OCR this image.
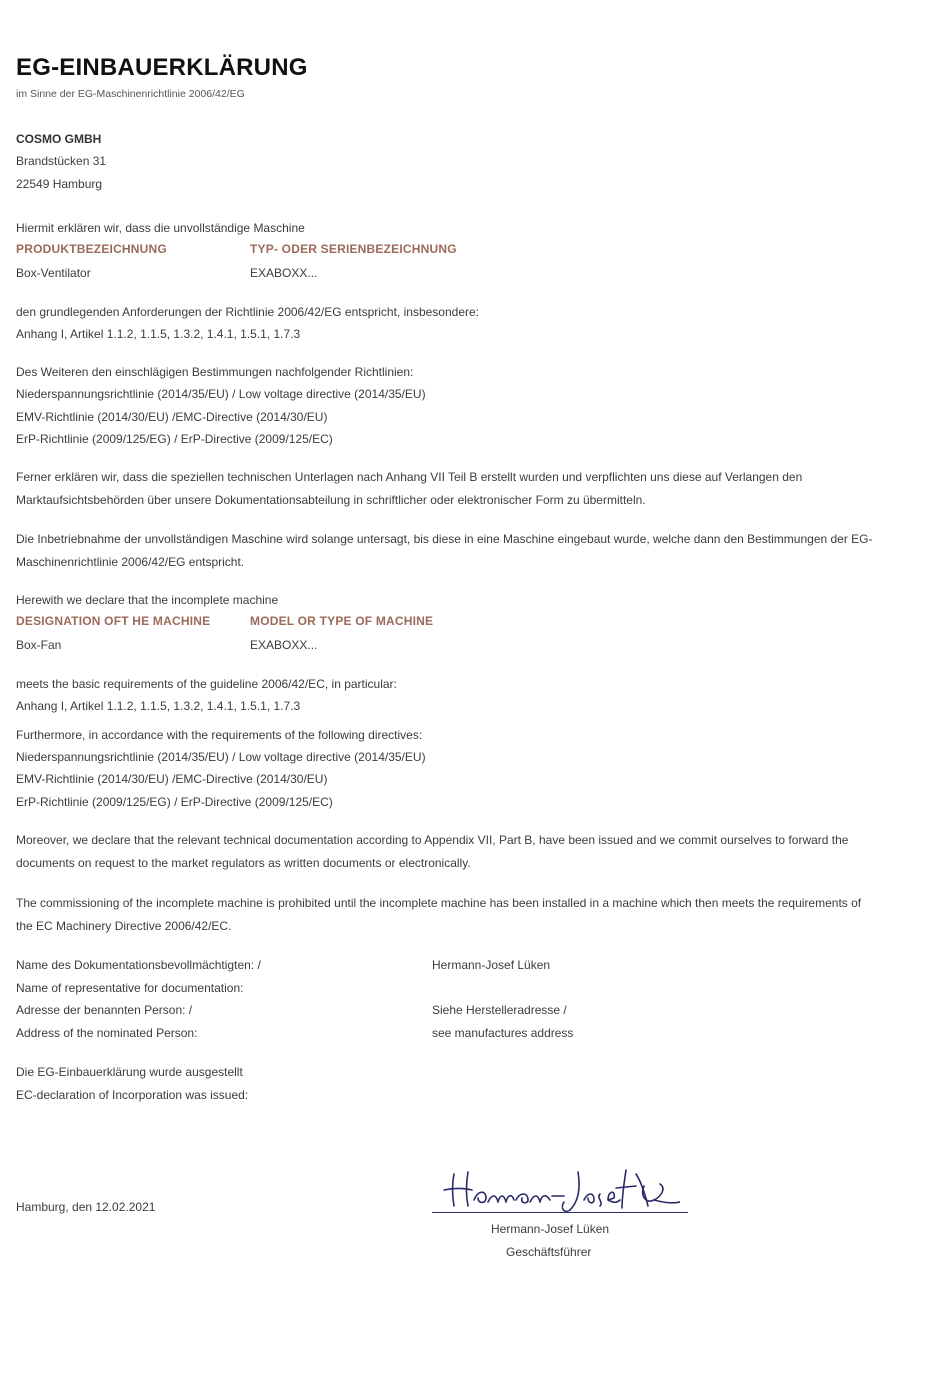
EG-EINBAUERKLÄRUNG
im Sinne der EG-Maschinenrichtlinie 2006/42/EG
COSMO GMBH
Brandstücken 31
22549 Hamburg
Hiermit erklären wir, dass die unvollständige Maschine
PRODUKTBEZEICHNUNG	TYP- ODER SERIENBEZEICHNUNG
Box-Ventilator	EXABOXX...
den grundlegenden Anforderungen der Richtlinie 2006/42/EG entspricht, insbesondere:
Anhang I, Artikel 1.1.2, 1.1.5, 1.3.2, 1.4.1, 1.5.1, 1.7.3
Des Weiteren den einschlägigen Bestimmungen nachfolgender Richtlinien:
Niederspannungsrichtlinie (2014/35/EU) / Low voltage directive (2014/35/EU)
EMV-Richtlinie (2014/30/EU) /EMC-Directive (2014/30/EU)
ErP-Richtlinie (2009/125/EG) / ErP-Directive (2009/125/EC)
Ferner erklären wir, dass die speziellen technischen Unterlagen nach Anhang VII Teil B erstellt wurden und verpflichten uns diese auf Verlangen den Marktaufsichtsbehörden über unsere Dokumentationsabteilung in schriftlicher oder elektronischer Form zu übermitteln.
Die Inbetriebnahme der unvollständigen Maschine wird solange untersagt, bis diese in eine Maschine eingebaut wurde, welche dann den Bestimmungen der EG-Maschinenrichtlinie 2006/42/EG entspricht.
Herewith we declare that the incomplete machine
DESIGNATION OFT HE MACHINE	MODEL OR TYPE OF MACHINE
Box-Fan	EXABOXX...
meets the basic requirements of the guideline 2006/42/EC, in particular:
Anhang I, Artikel 1.1.2, 1.1.5, 1.3.2, 1.4.1, 1.5.1, 1.7.3
Furthermore, in accordance with the requirements of the following directives:
Niederspannungsrichtlinie (2014/35/EU) / Low voltage directive (2014/35/EU)
EMV-Richtlinie (2014/30/EU) /EMC-Directive (2014/30/EU)
ErP-Richtlinie (2009/125/EG) / ErP-Directive (2009/125/EC)
Moreover, we declare that the relevant technical documentation according to Appendix VII, Part B, have been issued and we commit ourselves to forward the documents on request to the market regulators as written documents or electronically.
The commissioning of the incomplete machine is prohibited until the incomplete machine has been installed in a machine which then meets the requirements of the EC Machinery Directive 2006/42/EC.
Name des Dokumentationsbevollmächtigten: /	Hermann-Josef Lüken
Name of representative for documentation:
Adresse der benannten Person: /	Siehe Herstelleradresse /
Address of the nominated Person:	see manufactures address
Die EG-Einbauerklärung wurde ausgestellt
EC-declaration of Incorporation was issued:
Hamburg, den 12.02.2021
Hermann-Josef Lüken
Geschäftsführer
